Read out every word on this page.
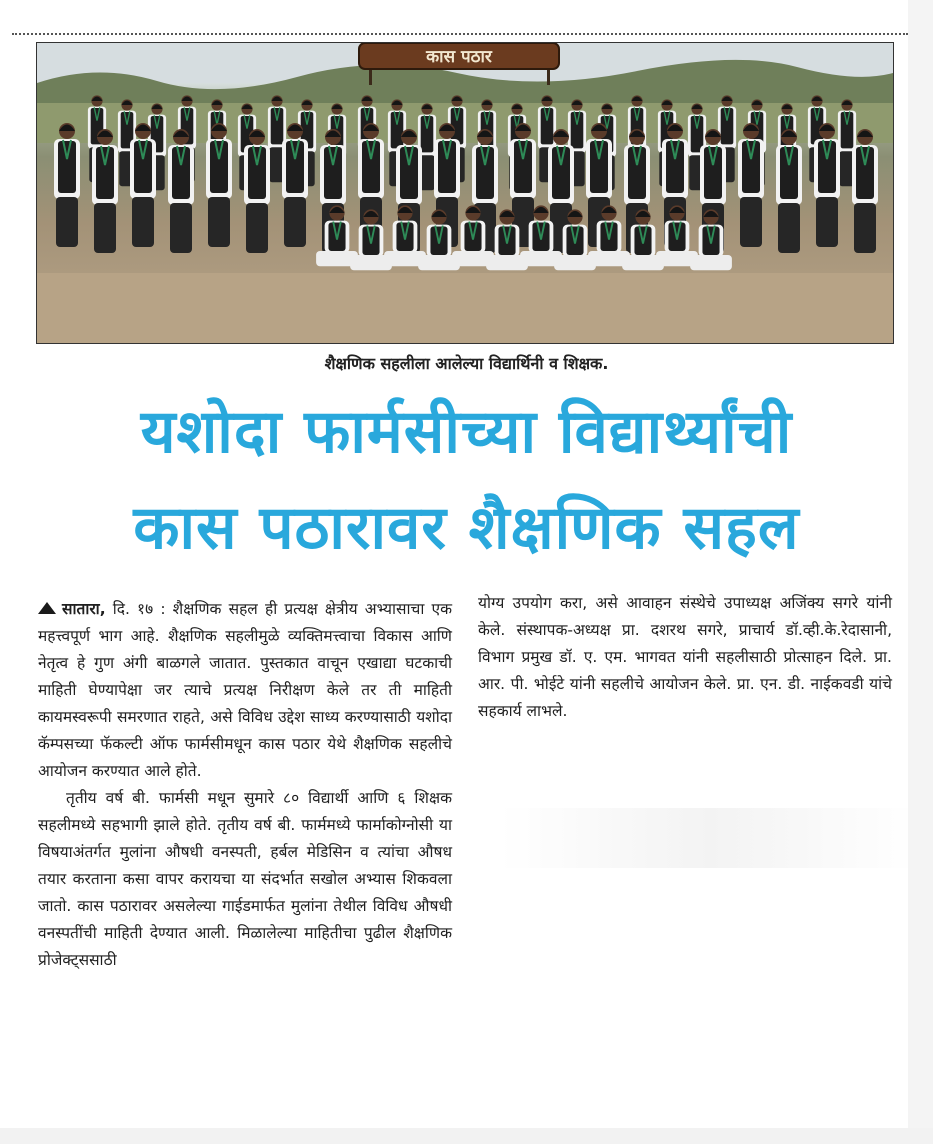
कास पठार
शैक्षणिक सहलीला आलेल्या विद्यार्थिनी व शिक्षक.
यशोदा फार्मसीच्या विद्यार्थ्यांची
कास पठारावर शैक्षणिक सहल

सातारा, दि. १७ : शैक्षणिक सहल ही प्रत्यक्ष क्षेत्रीय अभ्यासाचा एक महत्त्वपूर्ण भाग आहे. शैक्षणिक सहलीमुळे व्यक्तिमत्त्वाचा विकास आणि नेतृत्व हे गुण अंगी बाळगले जातात. पुस्तकात वाचून एखाद्या घटकाची माहिती घेण्यापेक्षा जर त्याचे प्रत्यक्ष निरीक्षण केले तर ती माहिती कायमस्वरूपी समरणात राहते, असे विविध उद्देश साध्य करण्यासाठी यशोदा कॅम्पसच्या फॅकल्टी ऑफ फार्मसीमधून कास पठार येथे शैक्षणिक सहलीचे आयोजन करण्यात आले होते.

तृतीय वर्ष बी. फार्मसी मधून सुमारे ८० विद्यार्थी आणि ६ शिक्षक सहलीमध्ये सहभागी झाले होते. तृतीय वर्ष बी. फार्ममध्ये फार्माकोग्नोसी या विषयाअंतर्गत मुलांना औषधी वनस्पती, हर्बल मेडिसिन व त्यांचा औषध तयार करताना कसा वापर करायचा या संदर्भात सखोल अभ्यास शिकवला जातो. कास पठारावर असलेल्या गाईडमार्फत मुलांना तेथील विविध औषधी वनस्पतींची माहिती देण्यात आली. मिळालेल्या माहितीचा पुढील शैक्षणिक प्रोजेक्ट्ससाठी

योग्य उपयोग करा, असे आवाहन संस्थेचे उपाध्यक्ष अजिंक्य सगरे यांनी केले. संस्थापक-अध्यक्ष प्रा. दशरथ सगरे, प्राचार्य डॉ.व्ही.के.रेदासानी, विभाग प्रमुख डॉ. ए. एम. भागवत यांनी सहलीसाठी प्रोत्साहन दिले. प्रा. आर. पी. भोईटे यांनी सहलीचे आयोजन केले. प्रा. एन. डी. नाईकवडी यांचे सहकार्य लाभले.
